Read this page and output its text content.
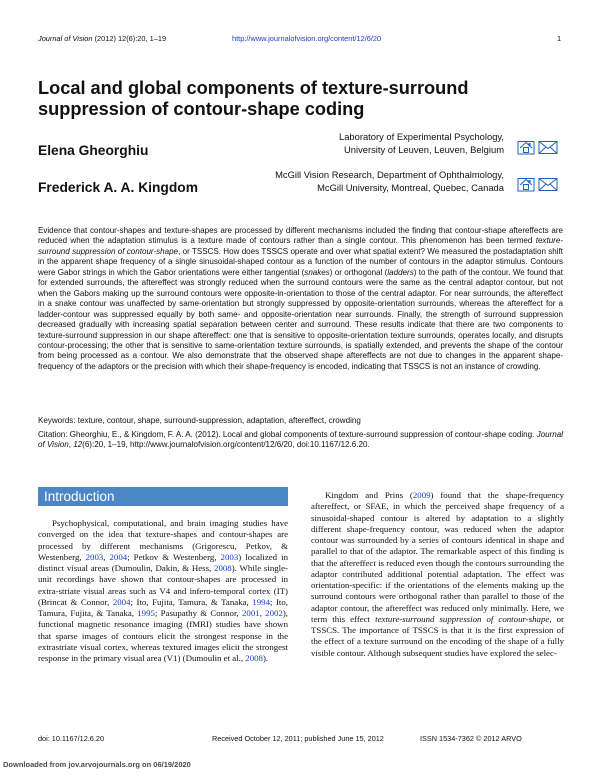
Journal of Vision (2012) 12(6):20, 1–19	http://www.journalofvision.org/content/12/6/20	1
Local and global components of texture-surround suppression of contour-shape coding
Elena Gheorghiu
Laboratory of Experimental Psychology,
University of Leuven, Leuven, Belgium
Frederick A. A. Kingdom
McGill Vision Research, Department of Ophthalmology,
McGill University, Montreal, Quebec, Canada
Evidence that contour-shapes and texture-shapes are processed by different mechanisms included the finding that contour-shape aftereffects are reduced when the adaptation stimulus is a texture made of contours rather than a single contour. This phenomenon has been termed texture-surround suppression of contour-shape, or TSSCS. How does TSSCS operate and over what spatial extent? We measured the postadaptation shift in the apparent shape frequency of a single sinusoidal-shaped contour as a function of the number of contours in the adaptor stimulus. Contours were Gabor strings in which the Gabor orientations were either tangential (snakes) or orthogonal (ladders) to the path of the contour. We found that for extended surrounds, the aftereffect was strongly reduced when the surround contours were the same as the central adaptor contour, but not when the Gabors making up the surround contours were opposite-in-orientation to those of the central adaptor. For near surrounds, the aftereffect in a snake contour was unaffected by same-orientation but strongly suppressed by opposite-orientation surrounds, whereas the aftereffect for a ladder-contour was suppressed equally by both same- and opposite-orientation near surrounds. Finally, the strength of surround suppression decreased gradually with increasing spatial separation between center and surround. These results indicate that there are two components to texture-surround suppression in our shape aftereffect: one that is sensitive to opposite-orientation texture surrounds, operates locally, and disrupts contour-processing; the other that is sensitive to same-orientation texture surrounds, is spatially extended, and prevents the shape of the contour from being processed as a contour. We also demonstrate that the observed shape aftereffects are not due to changes in the apparent shape-frequency of the adaptors or the precision with which their shape-frequency is encoded, indicating that TSSCS is not an instance of crowding.
Keywords: texture, contour, shape, surround-suppression, adaptation, aftereffect, crowding
Citation: Gheorghiu, E., & Kingdom, F. A. A. (2012). Local and global components of texture-surround suppression of contour-shape coding. Journal of Vision, 12(6):20, 1–19, http://www.journalofvision.org/content/12/6/20, doi:10.1167/12.6.20.
Introduction
Psychophysical, computational, and brain imaging studies have converged on the idea that texture-shapes and contour-shapes are processed by different mechanisms (Grigorescu, Petkov, & Westenberg, 2003, 2004; Petkov & Westenberg, 2003) localized in distinct visual areas (Dumoulin, Dakin, & Hess, 2008). While single-unit recordings have shown that contour-shapes are processed in extra-striate visual areas such as V4 and infero-temporal cortex (IT) (Brincat & Connor, 2004; Ito, Fujita, Tamura, & Tanaka, 1994; Ito, Tamura, Fujita, & Tanaka, 1995; Pasupathy & Connor, 2001, 2002), functional magnetic resonance imaging (fMRI) studies have shown that sparse images of contours elicit the strongest response in the extrastriate visual cortex, whereas textured images elicit the strongest response in the primary visual area (V1) (Dumoulin et al., 2008).
Kingdom and Prins (2009) found that the shape-frequency aftereffect, or SFAE, in which the perceived shape frequency of a sinusoidal-shaped contour is altered by adaptation to a slightly different shape-frequency contour, was reduced when the adaptor contour was surrounded by a series of contours identical in shape and parallel to that of the adaptor. The remarkable aspect of this finding is that the aftereffect is reduced even though the contours surrounding the adaptor contributed additional potential adaptation. The effect was orientation-specific: if the orientations of the elements making up the surround contours were orthogonal rather than parallel to those of the adaptor contour, the aftereffect was reduced only minimally. Here, we term this effect texture-surround suppression of contour-shape, or TSSCS. The importance of TSSCS is that it is the first expression of the effect of a texture surround on the encoding of the shape of a fully visible contour. Although subsequent studies have explored the selec-
doi: 10.1167/12.6.20	Received October 12, 2011; published June 15, 2012	ISSN 1534-7362 © 2012 ARVO
Downloaded from jov.arvojournals.org on 06/19/2020
